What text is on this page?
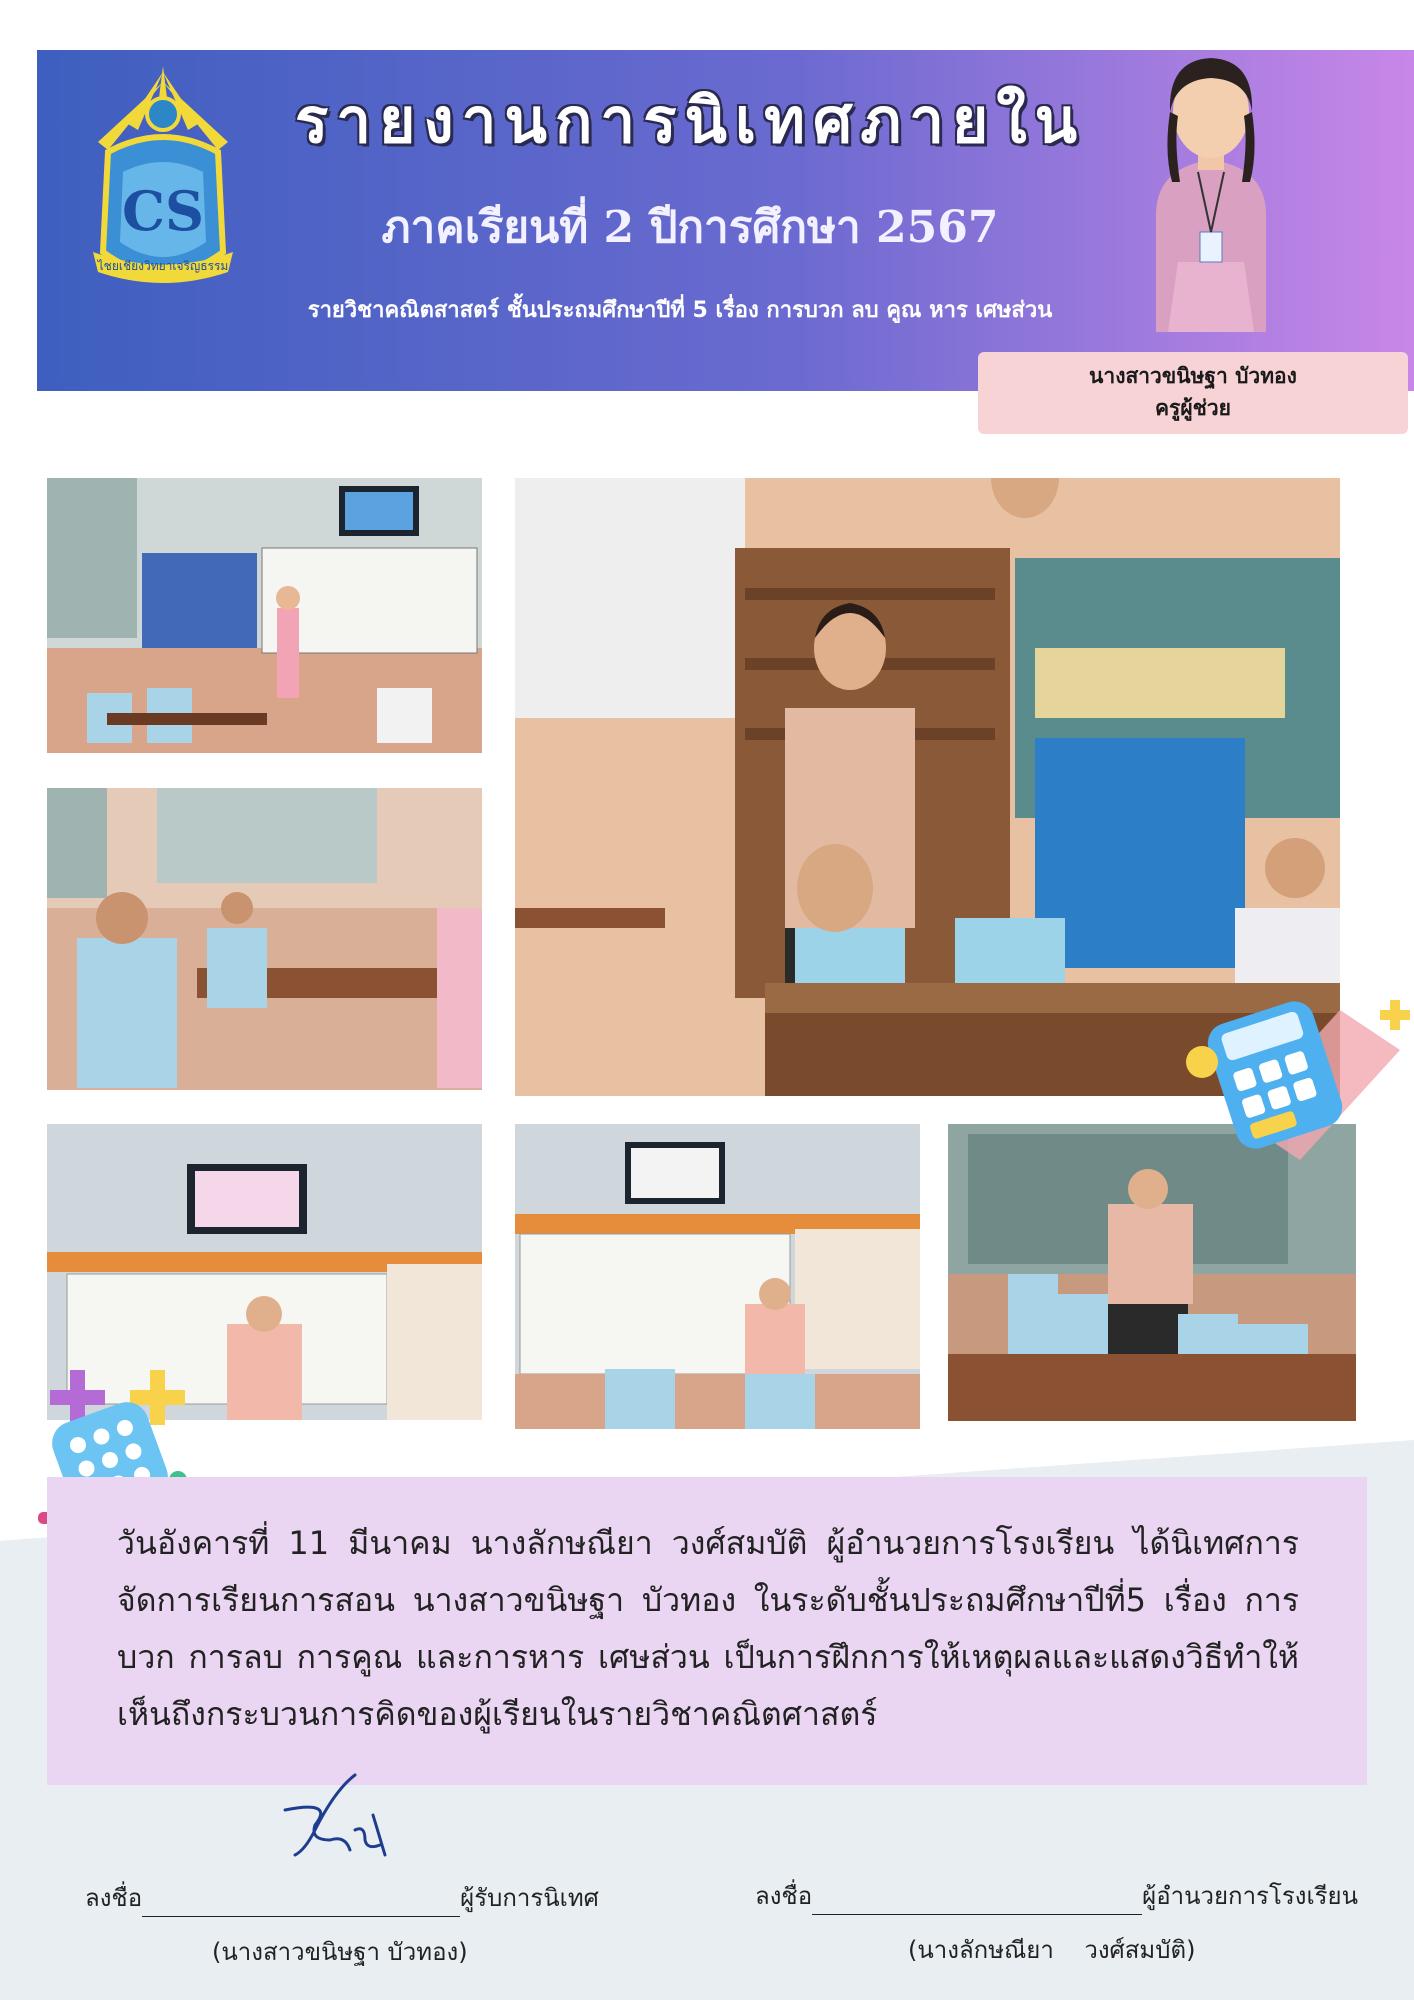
CS
ไชยเชียงวิทยาเจริญธรรม
รายงานการนิเทศภายใน
ภาคเรียนที่ 2 ปีการศึกษา 2567
รายวิชาคณิตสาสตร์ ชั้นประถมศึกษาปีที่ 5 เรื่อง การบวก ลบ คูณ หาร เศษส่วน
นางสาวขนิษฐา บัวทอง
ครูผู้ช่วย
วันอังคารที่ 11 มีนาคม นางลักษณียา วงศ์สมบัติ ผู้อำนวยการโรงเรียน ได้นิเทศการจัดการเรียนการสอน นางสาวขนิษฐา บัวทอง ในระดับชั้นประถมศึกษาปีที่5 เรื่อง การบวก การลบ การคูณ และการหาร เศษส่วน เป็นการฝึกการให้เหตุผลและแสดงวิธีทำให้เห็นถึงกระบวนการคิดของผู้เรียนในรายวิชาคณิตศาสตร์
ลงชื่อ	ผู้รับการนิเทศ
(นางสาวขนิษฐา บัวทอง)
ลงชื่อ	ผู้อำนวยการโรงเรียน
(นางลักษณียา    วงศ์สมบัติ)
